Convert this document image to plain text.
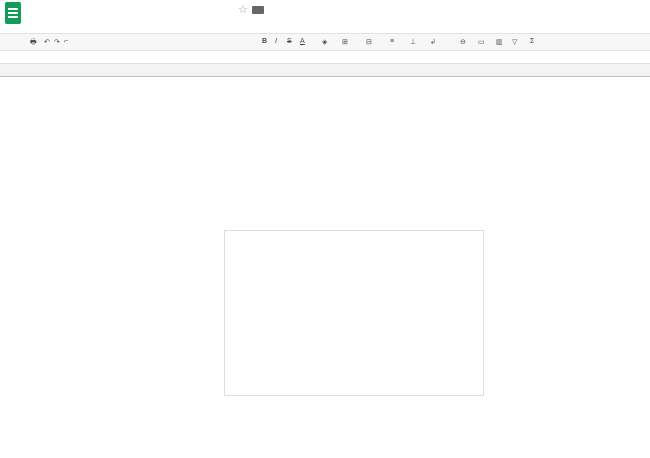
☆
🖶 ↶ ↷ ⌐	B I S A ◈ ⊞	⊟	≡ ⊥ ↲	⊖ ▭ ▥ ▽ Σ
